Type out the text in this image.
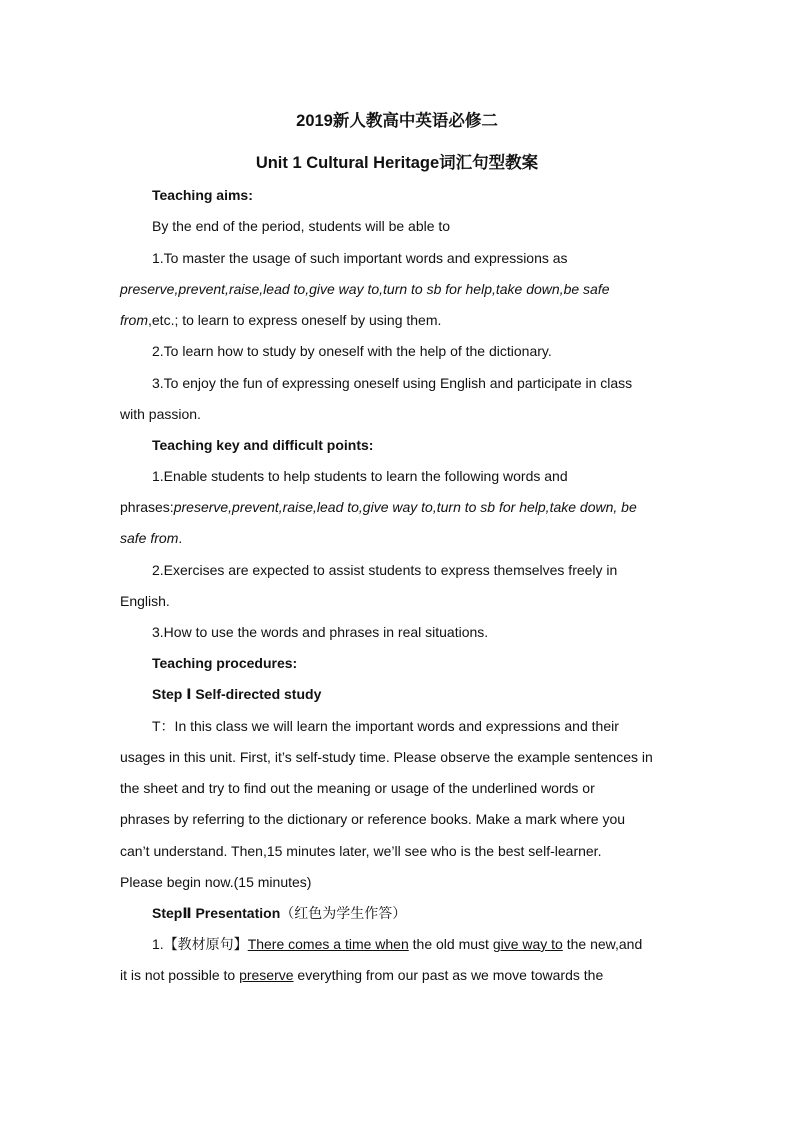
2019新人教高中英语必修二
Unit 1 Cultural Heritage词汇句型教案
Teaching aims:
By the end of the period, students will be able to
1.To master the usage of such important words and expressions as
preserve,prevent,raise,lead to,give way to,turn to sb for help,take down,be safe
from,etc.; to learn to express oneself by using them.
2.To learn how to study by oneself with the help of the dictionary.
3.To enjoy the fun of expressing oneself using English and participate in class
with passion.
Teaching key and difficult points:
1.Enable students to help students to learn the following words and
phrases:preserve,prevent,raise,lead to,give way to,turn to sb for help,take down, be
safe from.
2.Exercises are expected to assist students to express themselves freely in
English.
3.How to use the words and phrases in real situations.
Teaching procedures:
Step Ⅰ Self-directed study
T：In this class we will learn the important words and expressions and their
usages in this unit. First, it’s self-study time. Please observe the example sentences in
the sheet and try to find out the meaning or usage of the underlined words or
phrases by referring to the dictionary or reference books. Make a mark where you
can’t understand. Then,15 minutes later, we’ll see who is the best self-learner.
Please begin now.(15 minutes)
StepⅡ Presentation（红色为学生作答）
1.【教材原句】There comes a time when the old must give way to the new,and
it is not possible to preserve everything from our past as we move towards the
